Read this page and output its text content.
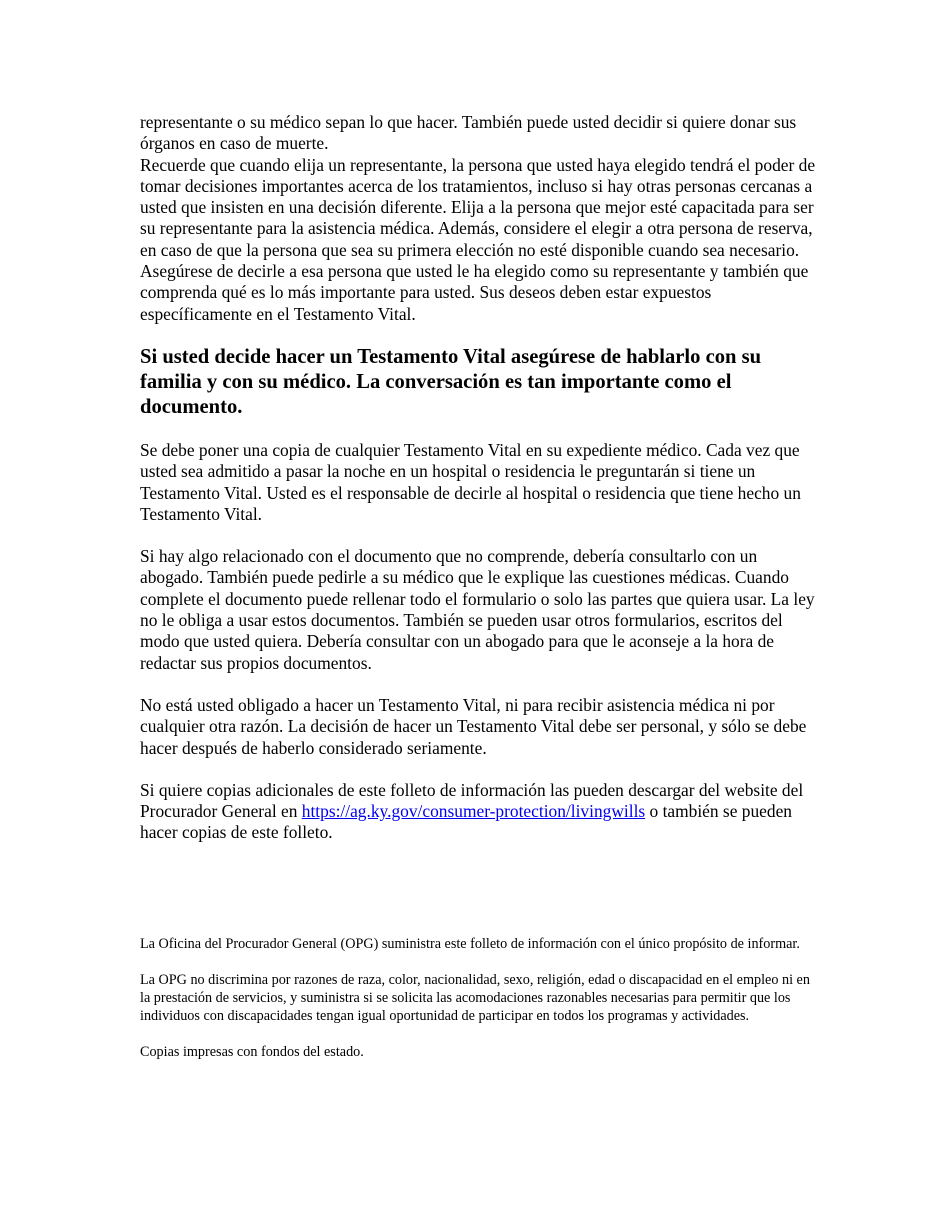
representante o su médico sepan lo que hacer. También puede usted decidir si quiere donar sus órganos en caso de muerte.

Recuerde que cuando elija un representante, la persona que usted haya elegido tendrá el poder de tomar decisiones importantes acerca de los tratamientos, incluso si hay otras personas cercanas a usted que insisten en una decisión diferente. Elija a la persona que mejor esté capacitada para ser su representante para la asistencia médica. Además, considere el elegir a otra persona de reserva, en caso de que la persona que sea su primera elección no esté disponible cuando sea necesario. Asegúrese de decirle a esa persona que usted le ha elegido como su representante y también que comprenda qué es lo más importante para usted. Sus deseos deben estar expuestos específicamente en el Testamento Vital.

Si usted decide hacer un Testamento Vital asegúrese de hablarlo con su familia y con su médico. La conversación es tan importante como el documento.

Se debe poner una copia de cualquier Testamento Vital en su expediente médico. Cada vez que usted sea admitido a pasar la noche en un hospital o residencia le preguntarán si tiene un Testamento Vital. Usted es el responsable de decirle al hospital o residencia que tiene hecho un Testamento Vital.

Si hay algo relacionado con el documento que no comprende, debería consultarlo con un abogado. También puede pedirle a su médico que le explique las cuestiones médicas. Cuando complete el documento puede rellenar todo el formulario o solo las partes que quiera usar. La ley no le obliga a usar estos documentos. También se pueden usar otros formularios, escritos del modo que usted quiera. Debería consultar con un abogado para que le aconseje a la hora de redactar sus propios documentos.

No está usted obligado a hacer un Testamento Vital, ni para recibir asistencia médica ni por cualquier otra razón. La decisión de hacer un Testamento Vital debe ser personal, y sólo se debe hacer después de haberlo considerado seriamente.

Si quiere copias adicionales de este folleto de información las pueden descargar del website del Procurador General en https://ag.ky.gov/consumer-protection/livingwills o también se pueden hacer copias de este folleto.

La Oficina del Procurador General (OPG) suministra este folleto de información con el único propósito de informar.

La OPG no discrimina por razones de raza, color, nacionalidad, sexo, religión, edad o discapacidad en el empleo ni en la prestación de servicios, y suministra si se solicita las acomodaciones razonables necesarias para permitir que los individuos con discapacidades tengan igual oportunidad de participar en todos los programas y actividades.

Copias impresas con fondos del estado.
